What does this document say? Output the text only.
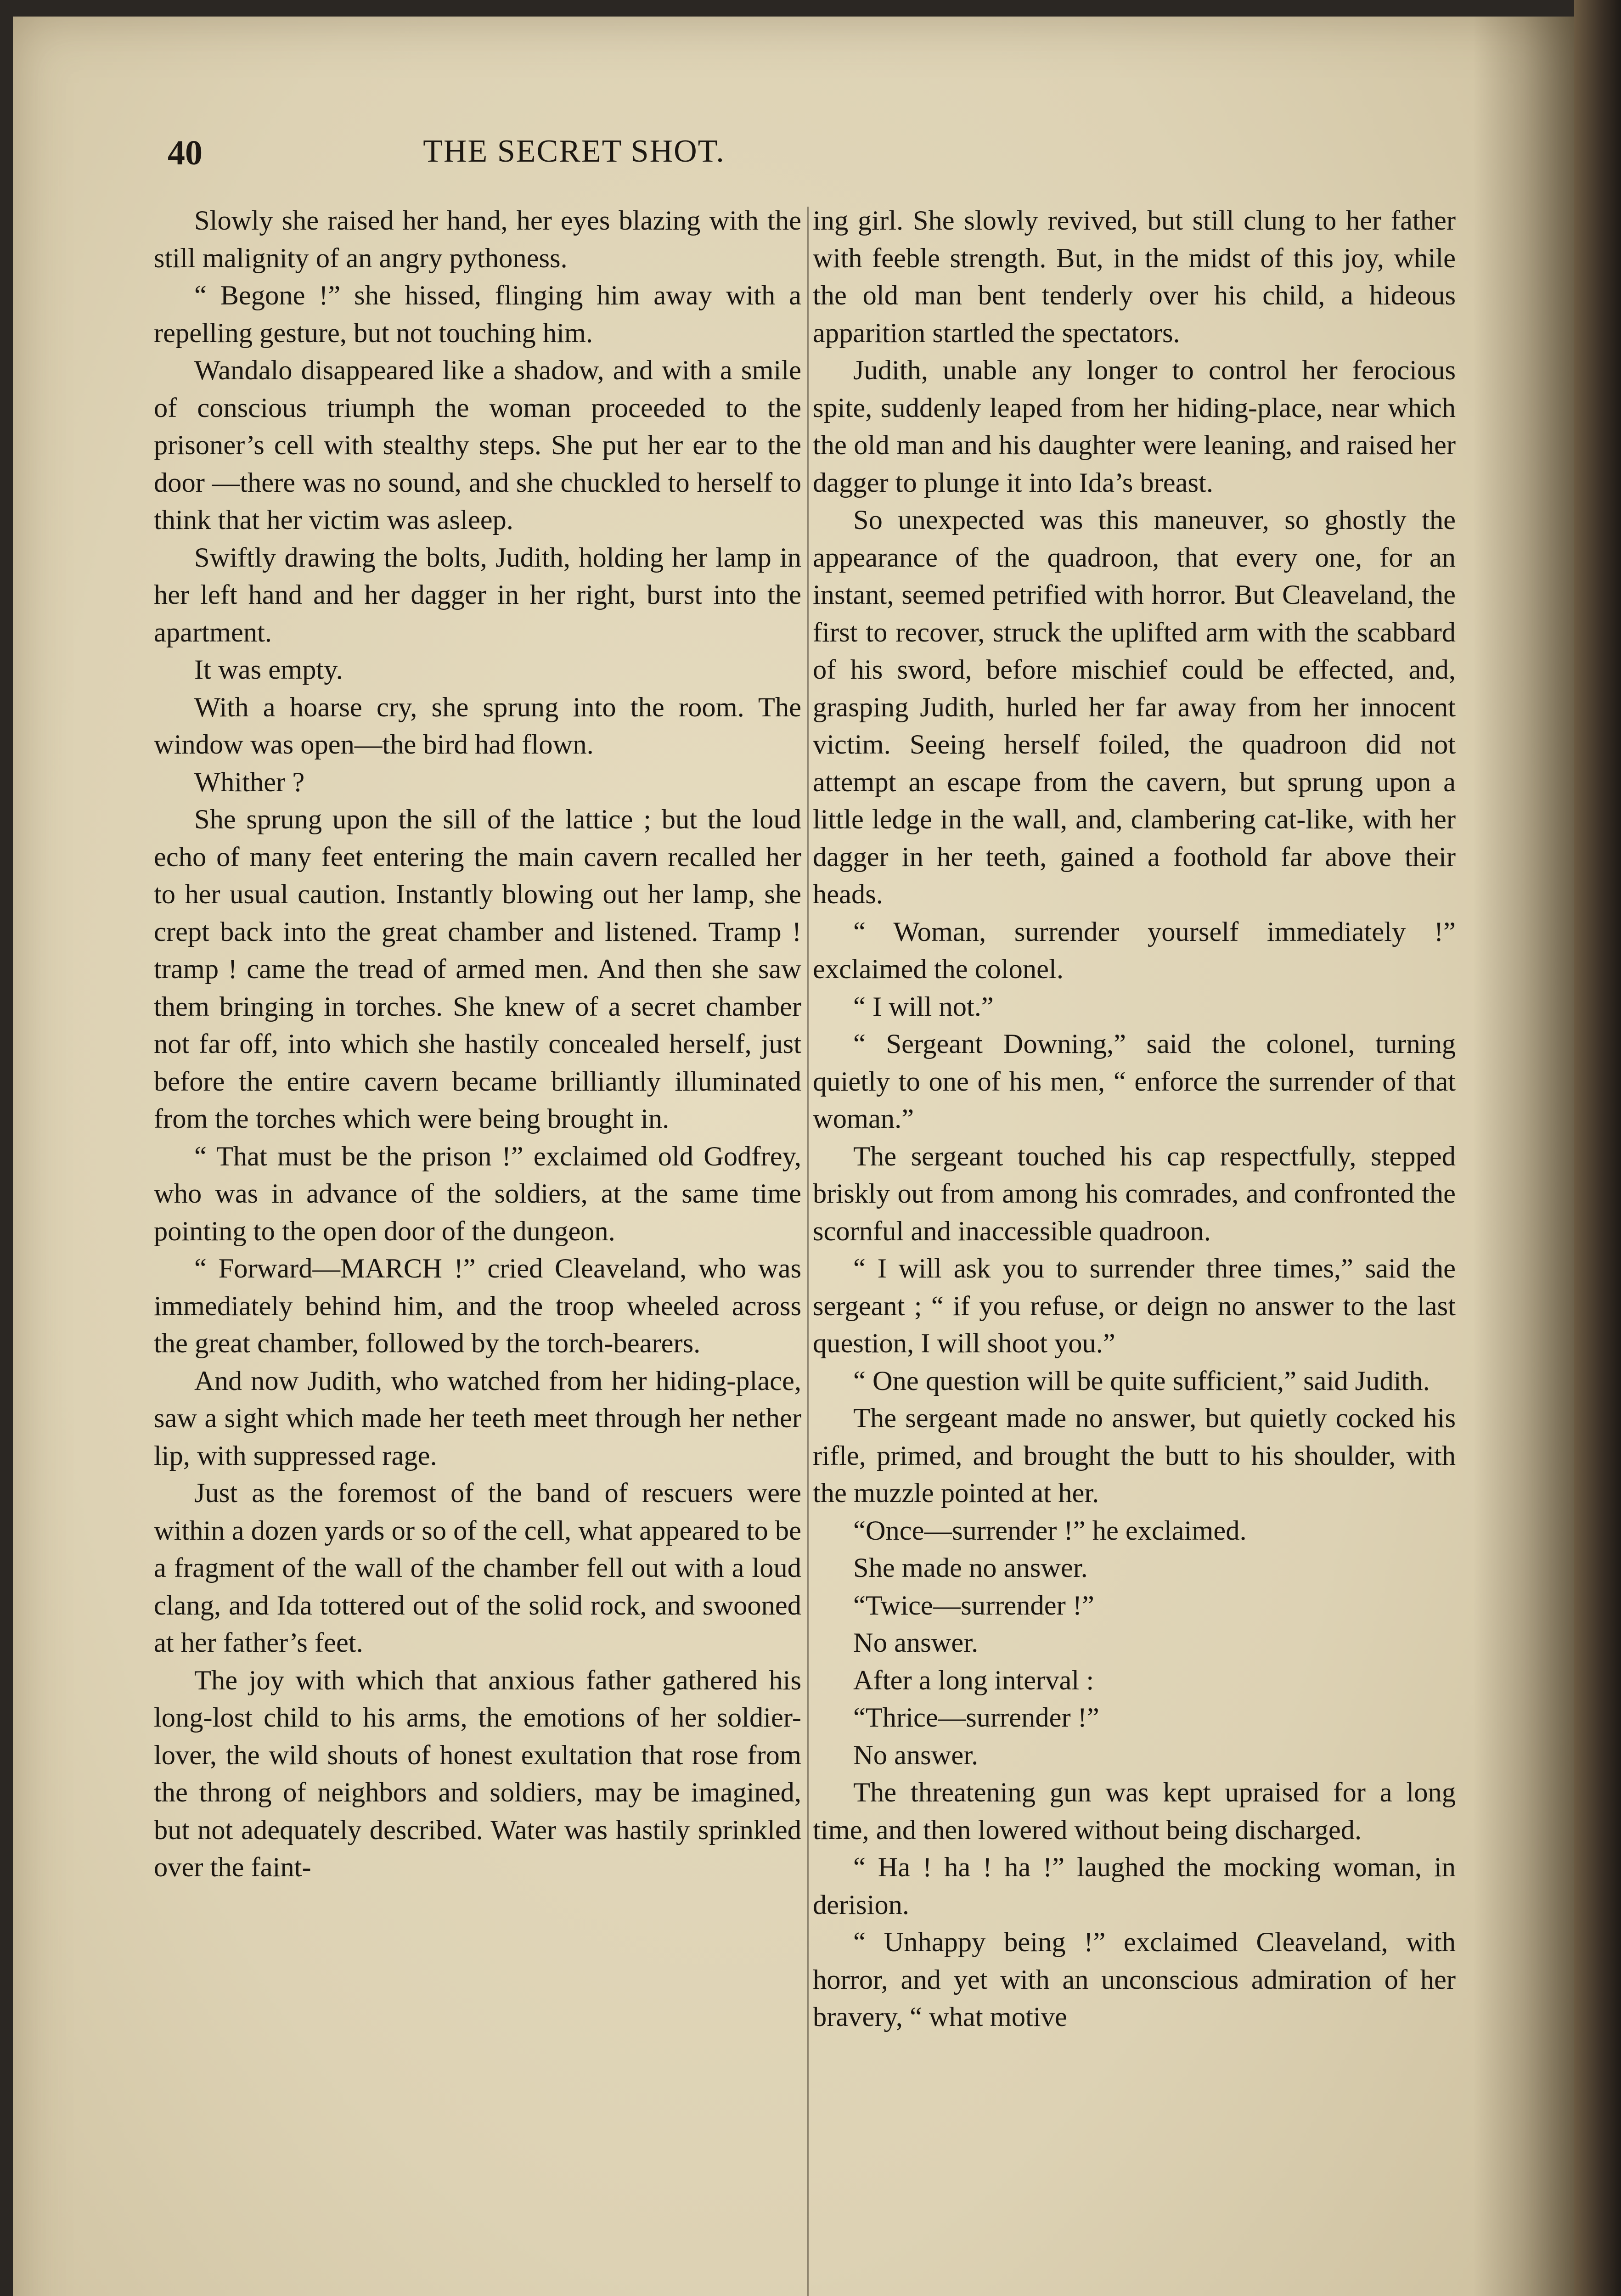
40	THE SECRET SHOT.

Slowly she raised her hand, her eyes blazing with the still malignity of an angry pythoness.

“ Begone !” she hissed, flinging him away with a repelling gesture, but not touching him.

Wandalo disappeared like a shadow, and with a smile of conscious triumph the woman proceeded to the prisoner’s cell with stealthy steps. She put her ear to the door —there was no sound, and she chuckled to herself to think that her victim was asleep.

Swiftly drawing the bolts, Judith, holding her lamp in her left hand and her dagger in her right, burst into the apartment.

It was empty.

With a hoarse cry, she sprung into the room. The window was open—the bird had flown.

Whither ?

She sprung upon the sill of the lattice ; but the loud echo of many feet entering the main cavern recalled her to her usual caution. Instantly blowing out her lamp, she crept back into the great chamber and listened. Tramp ! tramp ! came the tread of armed men. And then she saw them bringing in torches. She knew of a secret chamber not far off, into which she hastily concealed herself, just before the entire cavern became brilliantly illuminated from the torches which were being brought in.

“ That must be the prison !” exclaimed old Godfrey, who was in advance of the soldiers, at the same time pointing to the open door of the dungeon.

“ Forward—MARCH !” cried Cleaveland, who was immediately behind him, and the troop wheeled across the great chamber, followed by the torch-bearers.

And now Judith, who watched from her hiding-place, saw a sight which made her teeth meet through her nether lip, with suppressed rage.

Just as the foremost of the band of rescuers were within a dozen yards or so of the cell, what appeared to be a fragment of the wall of the chamber fell out with a loud clang, and Ida tottered out of the solid rock, and swooned at her father’s feet.

The joy with which that anxious father gathered his long-lost child to his arms, the emotions of her soldier-lover, the wild shouts of honest exultation that rose from the throng of neighbors and soldiers, may be imagined, but not adequately described. Water was hastily sprinkled over the faint-

ing girl. She slowly revived, but still clung to her father with feeble strength. But, in the midst of this joy, while the old man bent tenderly over his child, a hideous apparition startled the spectators.

Judith, unable any longer to control her ferocious spite, suddenly leaped from her hiding-place, near which the old man and his daughter were leaning, and raised her dagger to plunge it into Ida’s breast.

So unexpected was this maneuver, so ghostly the appearance of the quadroon, that every one, for an instant, seemed petrified with horror. But Cleaveland, the first to recover, struck the uplifted arm with the scabbard of his sword, before mischief could be effected, and, grasping Judith, hurled her far away from her innocent victim. Seeing herself foiled, the quadroon did not attempt an escape from the cavern, but sprung upon a little ledge in the wall, and, clambering cat-like, with her dagger in her teeth, gained a foothold far above their heads.

“ Woman, surrender yourself immediately !” exclaimed the colonel.

“ I will not.”

“ Sergeant Downing,” said the colonel, turning quietly to one of his men, “ enforce the surrender of that woman.”

The sergeant touched his cap respectfully, stepped briskly out from among his comrades, and confronted the scornful and inaccessible quadroon.

“ I will ask you to surrender three times,” said the sergeant ; “ if you refuse, or deign no answer to the last question, I will shoot you.”

“ One question will be quite sufficient,” said Judith.

The sergeant made no answer, but quietly cocked his rifle, primed, and brought the butt to his shoulder, with the muzzle pointed at her.

“Once—surrender !” he exclaimed.

She made no answer.

“Twice—surrender !”

No answer.

After a long interval :

“Thrice—surrender !”

No answer.

The threatening gun was kept upraised for a long time, and then lowered without being discharged.

“ Ha ! ha ! ha !” laughed the mocking woman, in derision.

“ Unhappy being !” exclaimed Cleaveland, with horror, and yet with an unconscious admiration of her bravery, “ what motive
